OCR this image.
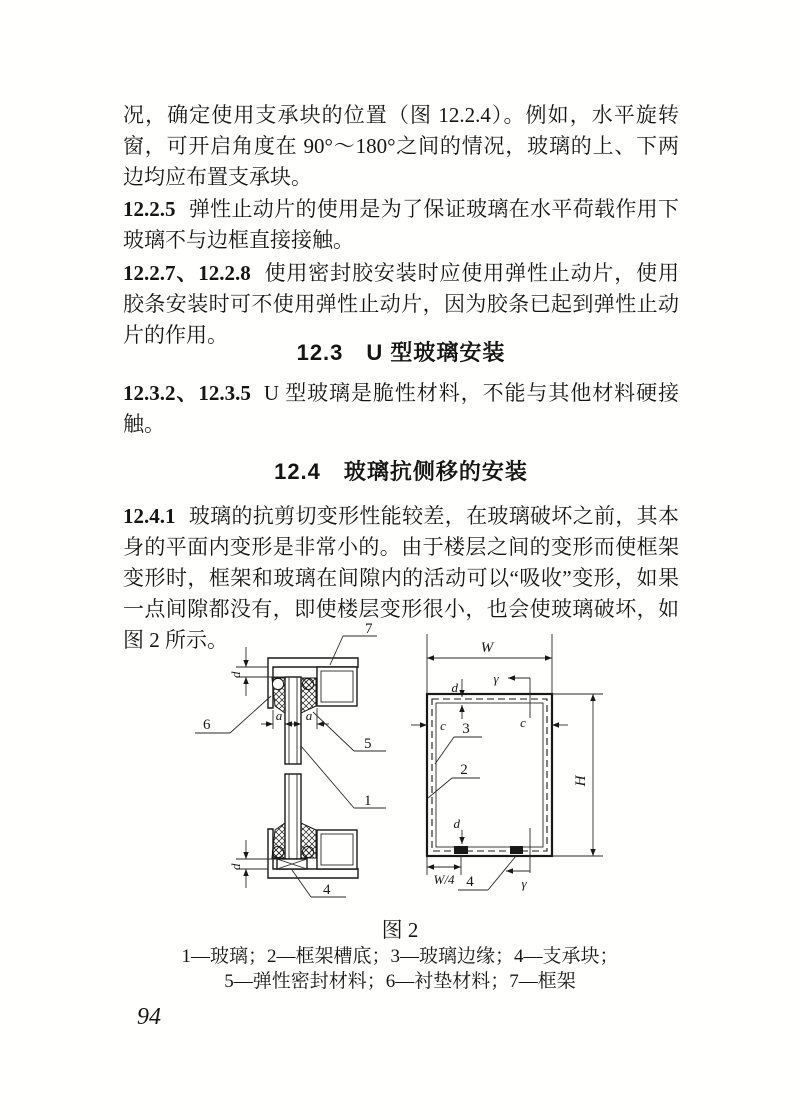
况，确定使用支承块的位置（图 12.2.4）。例如，水平旋转窗，可开启角度在 90°～180°之间的情况，玻璃的上、下两边均应布置支承块。
12.2.5 弹性止动片的使用是为了保证玻璃在水平荷载作用下玻璃不与边框直接接触。
12.2.7、12.2.8 使用密封胶安装时应使用弹性止动片，使用胶条安装时可不使用弹性止动片，因为胶条已起到弹性止动片的作用。
12.3　U 型玻璃安装
12.3.2、12.3.5 U 型玻璃是脆性材料，不能与其他材料硬接触。
12.4　玻璃抗侧移的安装
12.4.1 玻璃的抗剪切变形性能较差，在玻璃破坏之前，其本身的平面内变形是非常小的。由于楼层之间的变形而使框架变形时，框架和玻璃在间隙内的活动可以“吸收”变形，如果一点间隙都没有，即使楼层变形很小，也会使玻璃破坏，如图 2 所示。
d
a a
d
7
6
5
1
4
W
γ
d
c	c
3
2
H
d
W/4 4	γ
图 2
1—玻璃；2—框架槽底；3—玻璃边缘；4—支承块；
5—弹性密封材料；6—衬垫材料；7—框架
94
